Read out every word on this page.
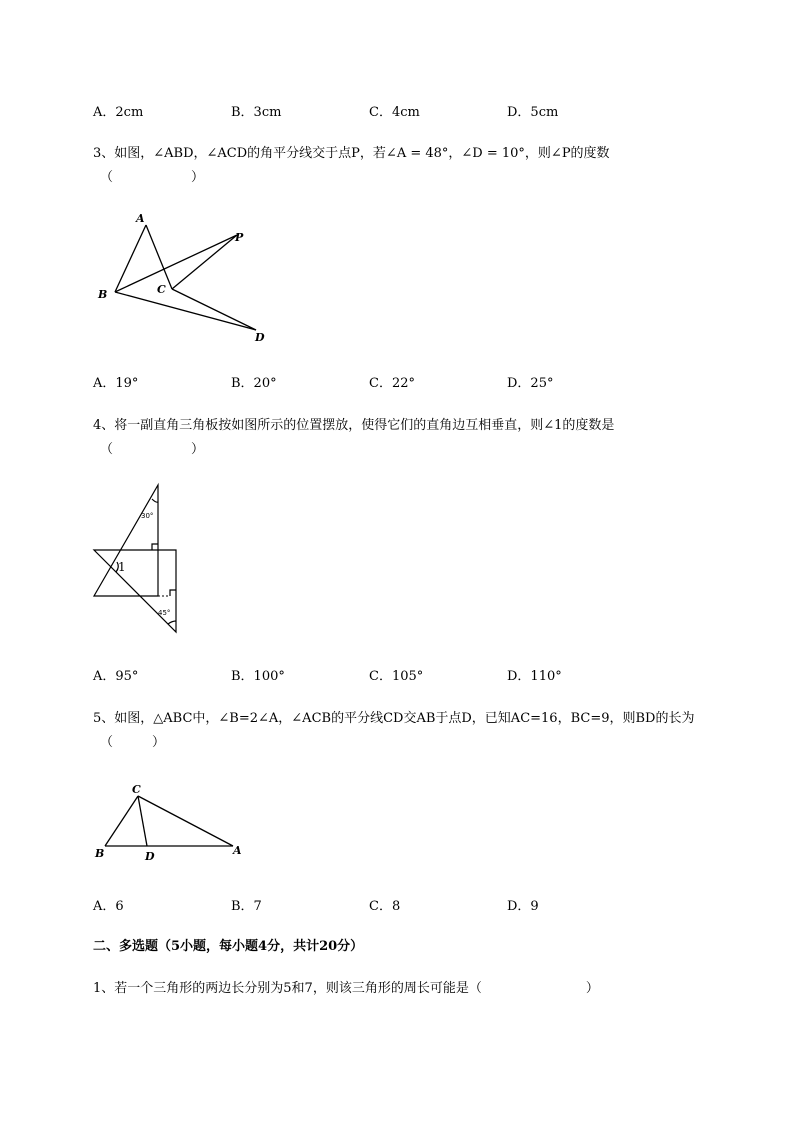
A．2cm	B．3cm	C．4cm	D．5cm
3、如图，∠ABD，∠ACD的角平分线交于点P，若∠A = 48°，∠D = 10°，则∠P的度数
（　　　　　　）
A
B	C
P
D
A．19°	B．20°	C．22°	D．25°
4、将一副直角三角板按如图所示的位置摆放，使得它们的直角边互相垂直，则∠1的度数是
（　　　　　　）
30°
45°
1
A．95°	B．100°	C．105°	D．110°
5、如图，△ABC中，∠B=2∠A，∠ACB的平分线CD交AB于点D，已知AC=16，BC=9，则BD的长为
（　　　）
C
B	D	A
A．6	B．7	C．8	D．9
二、多选题（5小题，每小题4分，共计20分）
1、若一个三角形的两边长分别为5和7，则该三角形的周长可能是（　　　　　　　　）
